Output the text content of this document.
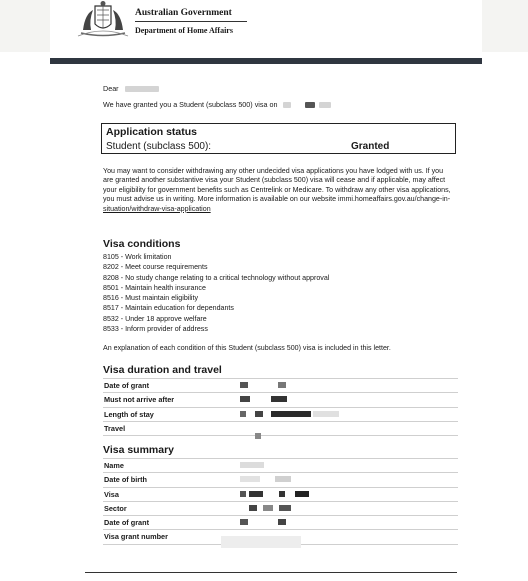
Australian Government
Department of Home Affairs
Dear
We have granted you a Student (subclass 500) visa on
Application status
Student (subclass 500):	Granted
You may want to consider withdrawing any other undecided visa applications you have lodged with us. If you are granted another substantive visa your Student (subclass 500) visa will cease and if applicable, may affect your eligibility for government benefits such as Centrelink or Medicare. To withdraw any other visa applications, you must advise us in writing. More information is available on our website immi.homeaffairs.gov.au/change-in- situation/withdraw-visa-application
Visa conditions
8105 - Work limitation
8202 - Meet course requirements
8208 - No study change relating to a critical technology without approval
8501 - Maintain health insurance
8516 - Must maintain eligibility
8517 - Maintain education for dependants
8532 - Under 18 approve welfare
8533 - Inform provider of address
An explanation of each condition of this Student (subclass 500) visa is included in this letter.
Visa duration and travel
Date of grant
Must not arrive after
Length of stay
Travel
Visa summary
Name
Date of birth
Visa
Sector
Date of grant
Visa grant number
